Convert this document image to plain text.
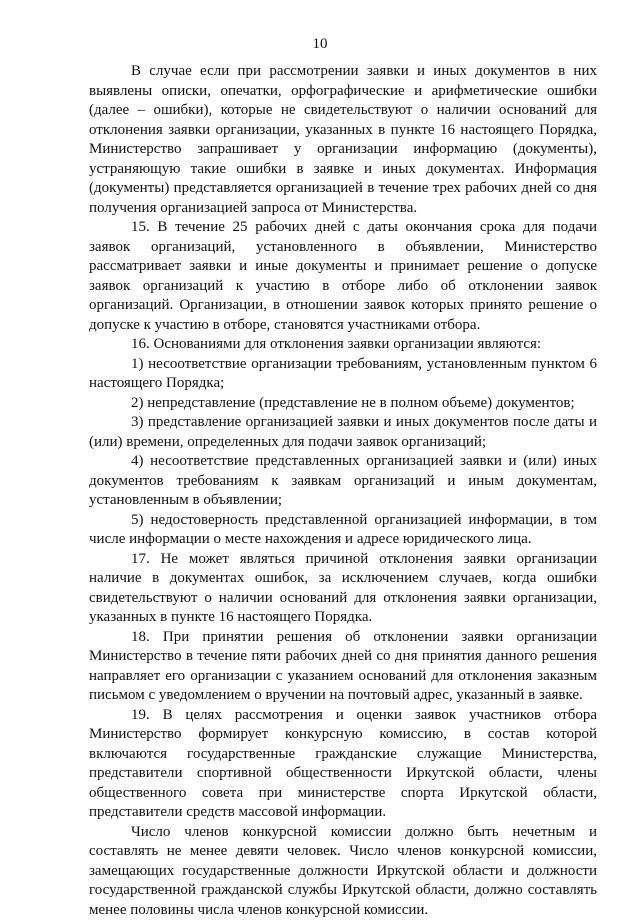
10

В случае если при рассмотрении заявки и иных документов в них выявлены описки, опечатки, орфографические и арифметические ошибки (далее – ошибки), которые не свидетельствуют о наличии оснований для отклонения заявки организации, указанных в пункте 16 настоящего Порядка, Министерство запрашивает у организации информацию (документы), устраняющую такие ошибки в заявке и иных документах. Информация (документы) представляется организацией в течение трех рабочих дней со дня получения организацией запроса от Министерства.

15. В течение 25 рабочих дней с даты окончания срока для подачи заявок организаций, установленного в объявлении, Министерство рассматривает заявки и иные документы и принимает решение о допуске заявок организаций к участию в отборе либо об отклонении заявок организаций. Организации, в отношении заявок которых принято решение о допуске к участию в отборе, становятся участниками отбора.

16. Основаниями для отклонения заявки организации являются:

1) несоответствие организации требованиям, установленным пунктом 6 настоящего Порядка;

2) непредставление (представление не в полном объеме) документов;

3) представление организацией заявки и иных документов после даты и (или) времени, определенных для подачи заявок организаций;

4) несоответствие представленных организацией заявки и (или) иных документов требованиям к заявкам организаций и иным документам, установленным в объявлении;

5) недостоверность представленной организацией информации, в том числе информации о месте нахождения и адресе юридического лица.

17. Не может являться причиной отклонения заявки организации наличие в документах ошибок, за исключением случаев, когда ошибки свидетельствуют о наличии оснований для отклонения заявки организации, указанных в пункте 16 настоящего Порядка.

18. При принятии решения об отклонении заявки организации Министерство в течение пяти рабочих дней со дня принятия данного решения направляет его организации с указанием оснований для отклонения заказным письмом с уведомлением о вручении на почтовый адрес, указанный в заявке.

19. В целях рассмотрения и оценки заявок участников отбора Министерство формирует конкурсную комиссию, в состав которой включаются государственные гражданские служащие Министерства, представители спортивной общественности Иркутской области, члены общественного совета при министерстве спорта Иркутской области, представители средств массовой информации.

Число членов конкурсной комиссии должно быть нечетным и составлять не менее девяти человек. Число членов конкурсной комиссии, замещающих государственные должности Иркутской области и должности государственной гражданской службы Иркутской области, должно составлять менее половины числа членов конкурсной комиссии.
